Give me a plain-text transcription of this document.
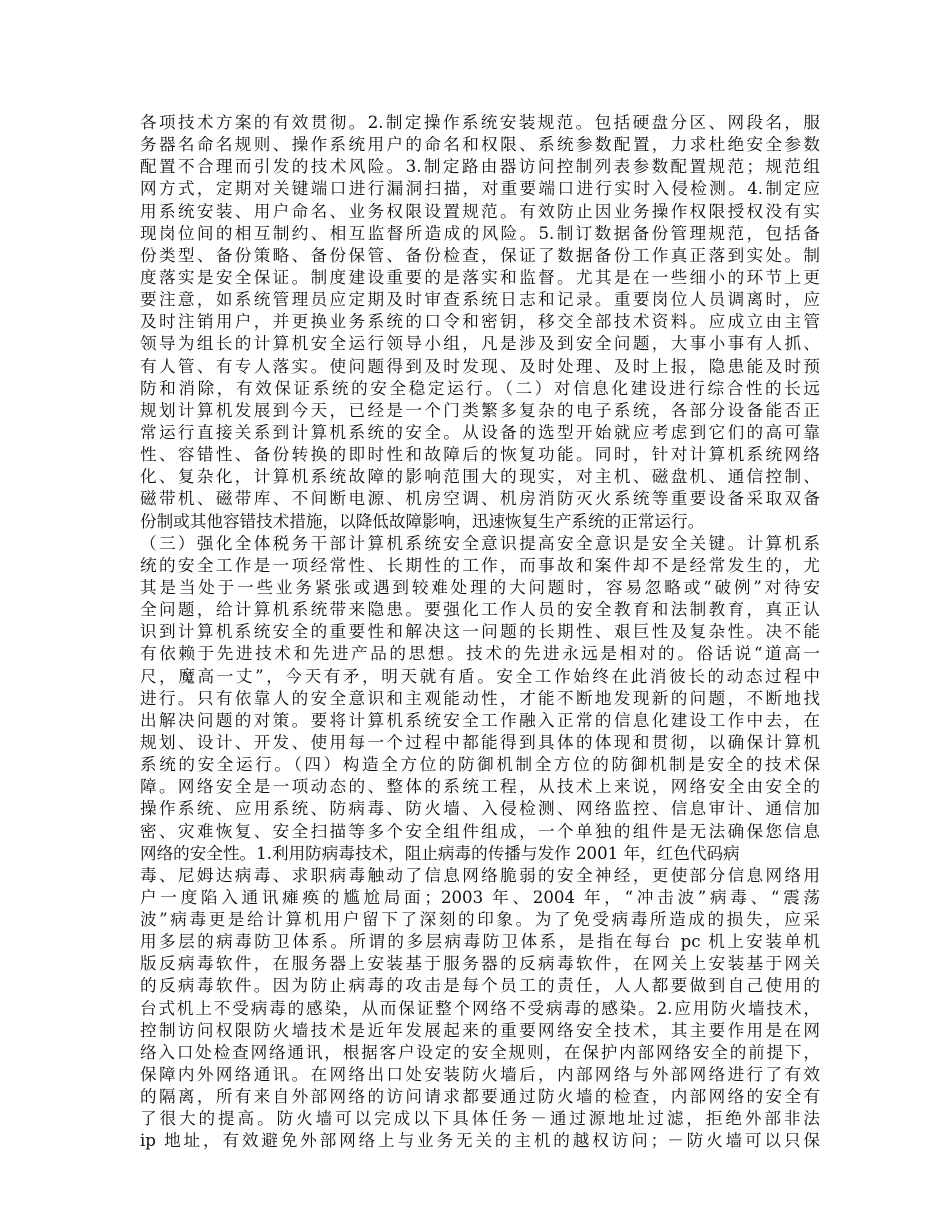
各项技术方案的有效贯彻。2.制定操作系统安装规范。包括硬盘分区、网段名，服
务器名命名规则、操作系统用户的命名和权限、系统参数配置，力求杜绝安全参数
配置不合理而引发的技术风险。3.制定路由器访问控制列表参数配置规范；规范组
网方式，定期对关键端口进行漏洞扫描，对重要端口进行实时入侵检测。4.制定应
用系统安装、用户命名、业务权限设置规范。有效防止因业务操作权限授权没有实
现岗位间的相互制约、相互监督所造成的风险。5.制订数据备份管理规范，包括备
份类型、备份策略、备份保管、备份检查，保证了数据备份工作真正落到实处。制
度落实是安全保证。制度建设重要的是落实和监督。尤其是在一些细小的环节上更
要注意，如系统管理员应定期及时审查系统日志和记录。重要岗位人员调离时，应
及时注销用户，并更换业务系统的口令和密钥，移交全部技术资料。应成立由主管
领导为组长的计算机安全运行领导小组，凡是涉及到安全问题，大事小事有人抓、
有人管、有专人落实。使问题得到及时发现、及时处理、及时上报，隐患能及时预
防和消除，有效保证系统的安全稳定运行。（二）对信息化建设进行综合性的长远
规划计算机发展到今天，已经是一个门类繁多复杂的电子系统，各部分设备能否正
常运行直接关系到计算机系统的安全。从设备的选型开始就应考虑到它们的高可靠
性、容错性、备份转换的即时性和故障后的恢复功能。同时，针对计算机系统网络
化、复杂化，计算机系统故障的影响范围大的现实，对主机、磁盘机、通信控制、
磁带机、磁带库、不间断电源、机房空调、机房消防灭火系统等重要设备采取双备
份制或其他容错技术措施，以降低故障影响，迅速恢复生产系统的正常运行。
（三）强化全体税务干部计算机系统安全意识提高安全意识是安全关键。计算机系
统的安全工作是一项经常性、长期性的工作，而事故和案件却不是经常发生的，尤
其是当处于一些业务紧张或遇到较难处理的大问题时，容易忽略或“破例”对待安
全问题，给计算机系统带来隐患。要强化工作人员的安全教育和法制教育，真正认
识到计算机系统安全的重要性和解决这一问题的长期性、艰巨性及复杂性。决不能
有依赖于先进技术和先进产品的思想。技术的先进永远是相对的。俗话说“道高一
尺，魔高一丈”，今天有矛，明天就有盾。安全工作始终在此消彼长的动态过程中
进行。只有依靠人的安全意识和主观能动性，才能不断地发现新的问题，不断地找
出解决问题的对策。要将计算机系统安全工作融入正常的信息化建设工作中去，在
规划、设计、开发、使用每一个过程中都能得到具体的体现和贯彻，以确保计算机
系统的安全运行。（四）构造全方位的防御机制全方位的防御机制是安全的技术保
障。网络安全是一项动态的、整体的系统工程，从技术上来说，网络安全由安全的
操作系统、应用系统、防病毒、防火墙、入侵检测、网络监控、信息审计、通信加
密、灾难恢复、安全扫描等多个安全组件组成，一个单独的组件是无法确保您信息
网络的安全性。1.利用防病毒技术，阻止病毒的传播与发作 2001 年，红色代码病
毒、尼姆达病毒、求职病毒触动了信息网络脆弱的安全神经，更使部分信息网络用
户一度陷入通讯瘫痪的尴尬局面；2003 年、2004 年，“冲击波”病毒、“震荡
波”病毒更是给计算机用户留下了深刻的印象。为了免受病毒所造成的损失，应采
用多层的病毒防卫体系。所谓的多层病毒防卫体系，是指在每台 pc 机上安装单机
版反病毒软件，在服务器上安装基于服务器的反病毒软件，在网关上安装基于网关
的反病毒软件。因为防止病毒的攻击是每个员工的责任，人人都要做到自己使用的
台式机上不受病毒的感染，从而保证整个网络不受病毒的感染。2.应用防火墙技术，
控制访问权限防火墙技术是近年发展起来的重要网络安全技术，其主要作用是在网
络入口处检查网络通讯，根据客户设定的安全规则，在保护内部网络安全的前提下，
保障内外网络通讯。在网络出口处安装防火墙后，内部网络与外部网络进行了有效
的隔离，所有来自外部网络的访问请求都要通过防火墙的检查，内部网络的安全有
了很大的提高。防火墙可以完成以下具体任务－通过源地址过滤，拒绝外部非法
ip 地址，有效避免外部网络上与业务无关的主机的越权访问；－防火墙可以只保
